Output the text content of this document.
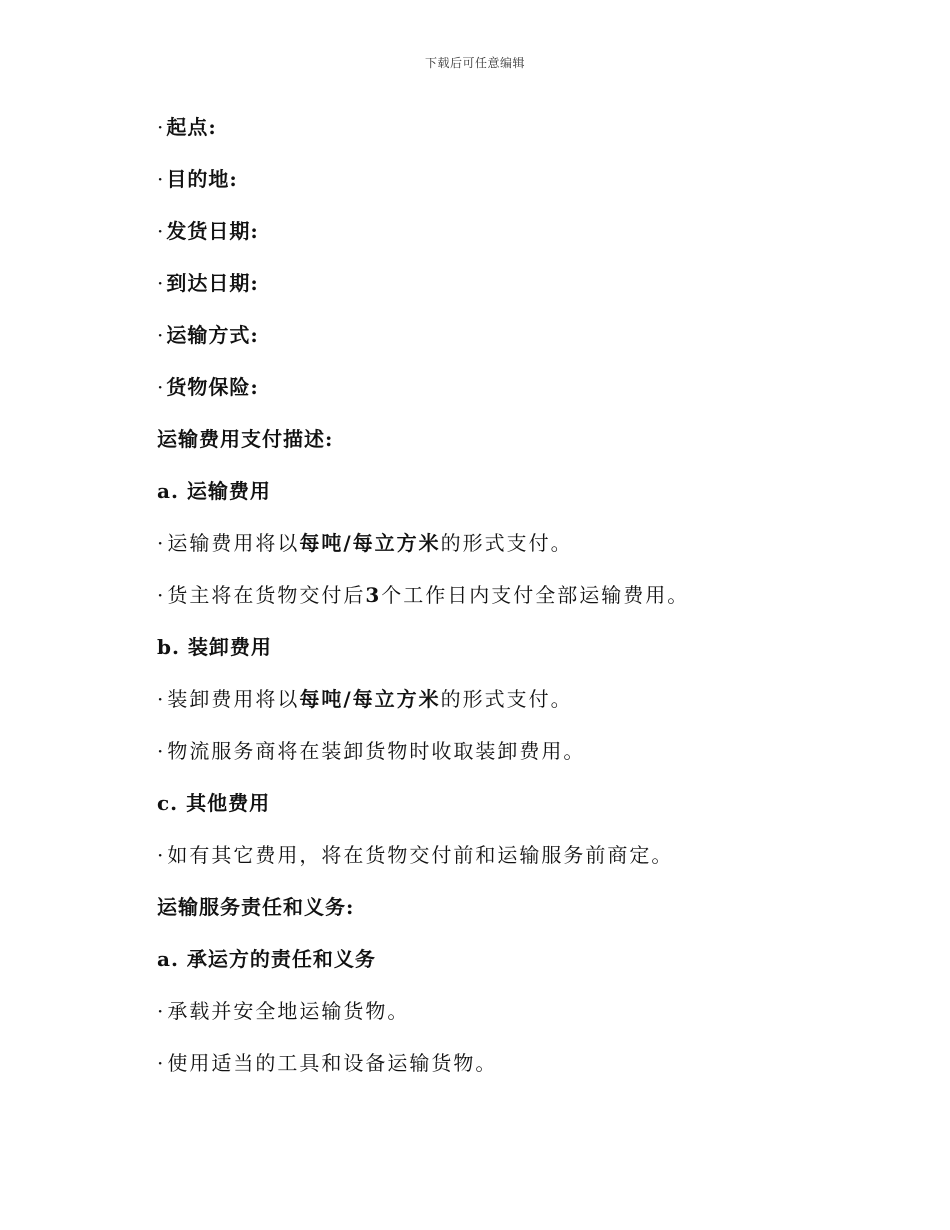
下载后可任意编辑
· 起点:
· 目的地:
· 发货日期:
· 到达日期:
· 运输方式:
· 货物保险:
运输费用支付描述:
a. 运输费用
· 运输费用将以每吨/每立方米的形式支付。
· 货主将在货物交付后3个工作日内支付全部运输费用。
b. 装卸费用
· 装卸费用将以每吨/每立方米的形式支付。
· 物流服务商将在装卸货物时收取装卸费用。
c. 其他费用
· 如有其它费用，将在货物交付前和运输服务前商定。
运输服务责任和义务:
a. 承运方的责任和义务
· 承载并安全地运输货物。
· 使用适当的工具和设备运输货物。
